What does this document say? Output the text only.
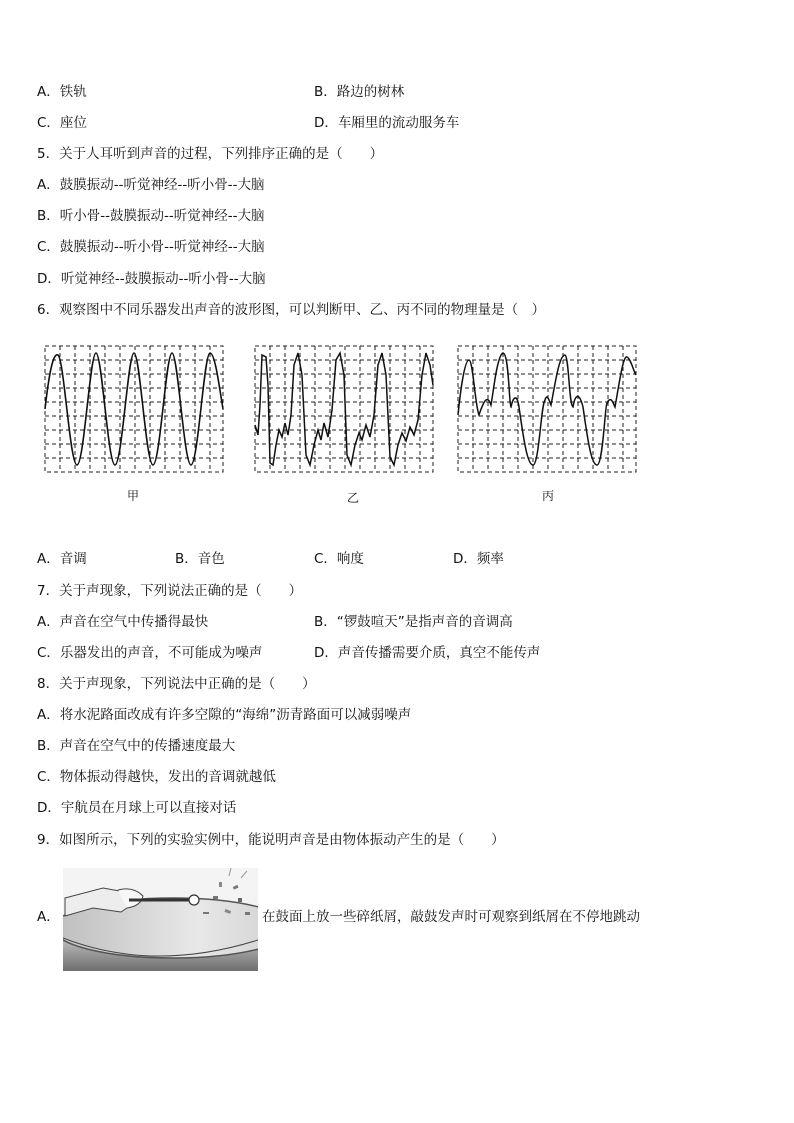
A．铁轨	B．路边的树林
C．座位	D．车厢里的流动服务车
5．关于人耳听到声音的过程，下列排序正确的是（　　）
A．鼓膜振动--听觉神经--听小骨--大脑
B．听小骨--鼓膜振动--听觉神经--大脑
C．鼓膜振动--听小骨--听觉神经--大脑
D．听觉神经--鼓膜振动--听小骨--大脑
6．观察图中不同乐器发出声音的波形图，可以判断甲、乙、丙不同的物理量是（　）
甲	乙	丙
A．音调	B．音色	C．响度	D．频率
7．关于声现象，下列说法正确的是（　　）
A．声音在空气中传播得最快	B．“锣鼓喧天”是指声音的音调高
C．乐器发出的声音，不可能成为噪声	D．声音传播需要介质，真空不能传声
8．关于声现象，下列说法中正确的是（　　）
A．将水泥路面改成有许多空隙的“海绵”沥青路面可以减弱噪声
B．声音在空气中的传播速度最大
C．物体振动得越快，发出的音调就越低
D．宇航员在月球上可以直接对话
9．如图所示，下列的实验实例中，能说明声音是由物体振动产生的是（　　）
A．	在鼓面上放一些碎纸屑，敲鼓发声时可观察到纸屑在不停地跳动
